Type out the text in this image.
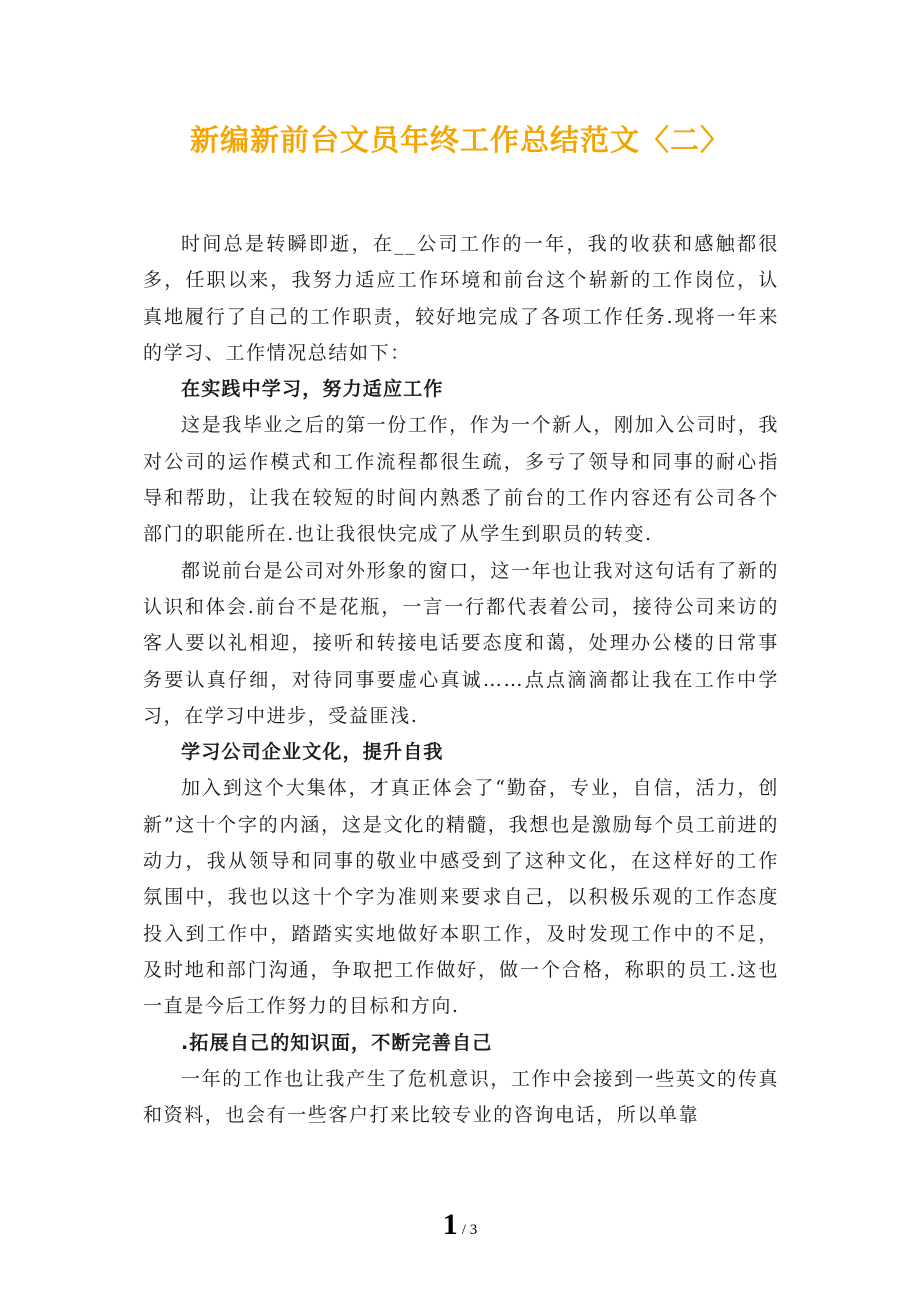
新编新前台文员年终工作总结范文〈二〉

时间总是转瞬即逝，在__公司工作的一年，我的收获和感触都很多，任职以来，我努力适应工作环境和前台这个崭新的工作岗位，认真地履行了自己的工作职责，较好地完成了各项工作任务.现将一年来的学习、工作情况总结如下：

在实践中学习，努力适应工作

这是我毕业之后的第一份工作，作为一个新人，刚加入公司时，我对公司的运作模式和工作流程都很生疏，多亏了领导和同事的耐心指导和帮助，让我在较短的时间内熟悉了前台的工作内容还有公司各个部门的职能所在.也让我很快完成了从学生到职员的转变.

都说前台是公司对外形象的窗口，这一年也让我对这句话有了新的认识和体会.前台不是花瓶，一言一行都代表着公司，接待公司来访的客人要以礼相迎，接听和转接电话要态度和蔼，处理办公楼的日常事务要认真仔细，对待同事要虚心真诚……点点滴滴都让我在工作中学习，在学习中进步，受益匪浅.

学习公司企业文化，提升自我

加入到这个大集体，才真正体会了“勤奋，专业，自信，活力，创新”这十个字的内涵，这是文化的精髓，我想也是激励每个员工前进的动力，我从领导和同事的敬业中感受到了这种文化，在这样好的工作氛围中，我也以这十个字为准则来要求自己，以积极乐观的工作态度投入到工作中，踏踏实实地做好本职工作，及时发现工作中的不足，及时地和部门沟通，争取把工作做好，做一个合格，称职的员工.这也一直是今后工作努力的目标和方向.

.拓展自己的知识面，不断完善自己

一年的工作也让我产生了危机意识，工作中会接到一些英文的传真和资料，也会有一些客户打来比较专业的咨询电话，所以单靠

1 / 3
